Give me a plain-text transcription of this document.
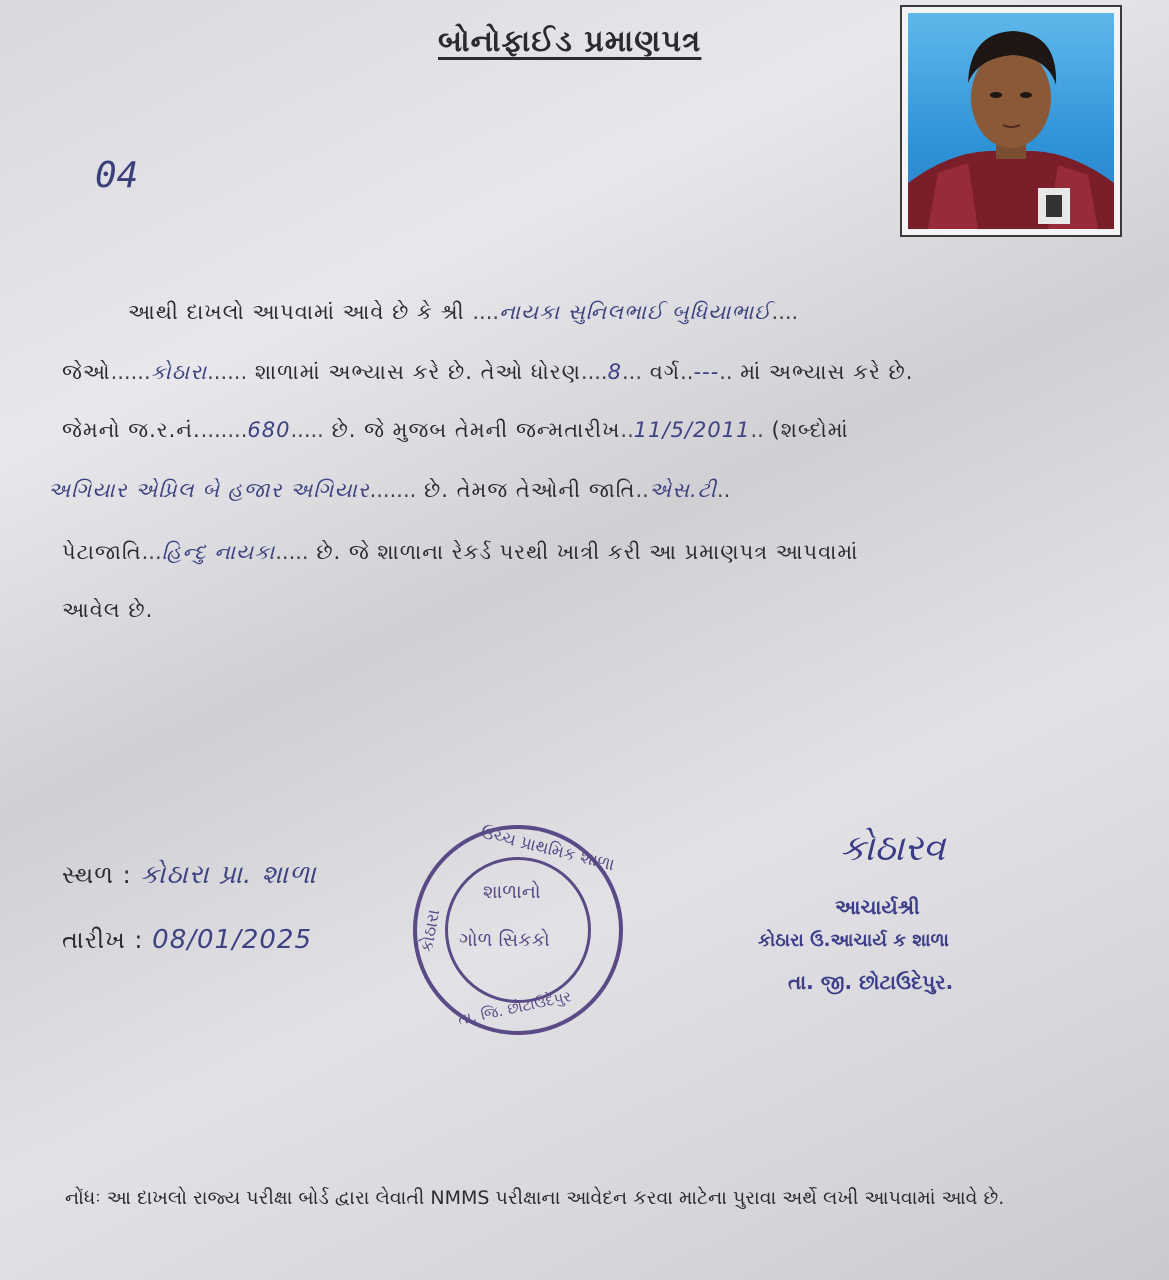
બોનોફાઈડ પ્રમાણપત્ર
04
આથી દાખલો આપવામાં આવે છે કે શ્રી ....નાયકા સુનિલભાઈ બુધિયાભાઈ....
જેઓ......કોઠારા...... શાળામાં અભ્યાસ કરે છે. તેઓ ધોરણ....8... વર્ગ..---.. માં અભ્યાસ કરે છે.
જેમનો જ.ર.નં........680..... છે. જે મુજબ તેમની જન્મતારીખ..11/5/2011.. (શબ્દોમાં
અગિયાર એપ્રિલ બે હજાર અગિયાર....... છે. તેમજ તેઓની જાતિ..એસ.ટી..
પેટાજાતિ...હિન્દુ નાયકા..... છે. જે શાળાના રેકર્ડ પરથી ખાત્રી કરી આ પ્રમાણપત્ર આપવામાં
આવેલ છે.
સ્થળ : કોઠારા પ્રા. શાળા
તારીખ : 08/01/2025
ઉચ્ચ પ્રાથમિક શાળા
કોઠારા
શાળાનો
ગોળ સિકકો
તા. જિ. છોટાઉદેપુર
કોઠારવ
આચાર્યશ્રી
કોઠારા ઉ.આચાર્ય ક શાળા
તા. જી. છોટાઉદેપુર.
નોંધઃ આ દાખલો રાજ્ય પરીક્ષા બોર્ડ દ્વારા લેવાતી NMMS પરીક્ષાના આવેદન કરવા માટેના પુરાવા અર્થે લખી આપવામાં આવે છે.
